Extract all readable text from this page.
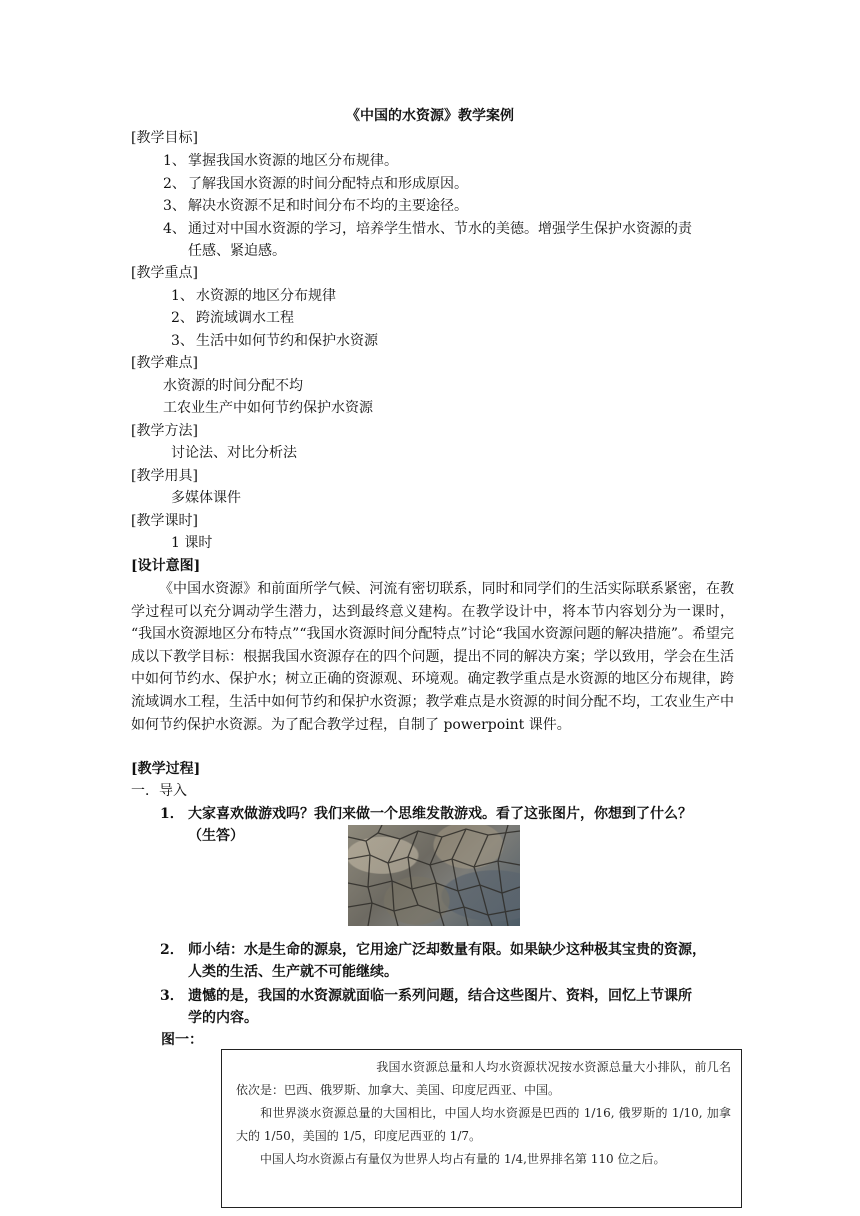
《中国的水资源》教学案例
[教学目标]
1、 掌握我国水资源的地区分布规律。
2、 了解我国水资源的时间分配特点和形成原因。
3、 解决水资源不足和时间分布不均的主要途径。
4、 通过对中国水资源的学习，培养学生惜水、节水的美德。增强学生保护水资源的责
任感、紧迫感。
[教学重点]
1、 水资源的地区分布规律
2、 跨流域调水工程
3、 生活中如何节约和保护水资源
[教学难点]
水资源的时间分配不均
工农业生产中如何节约保护水资源
[教学方法]
讨论法、对比分析法
[教学用具]
多媒体课件
[教学课时]
1 课时
[设计意图]
《中国水资源》和前面所学气候、河流有密切联系，同时和同学们的生活实际联系紧密，在教学过程可以充分调动学生潜力，达到最终意义建构。在教学设计中，将本节内容划分为一课时， “我国水资源地区分布特点”“我国水资源时间分配特点”讨论“我国水资源问题的解决措施”。希望完成以下教学目标：根据我国水资源存在的四个问题，提出不同的解决方案；学以致用，学会在生活中如何节约水、保护水；树立正确的资源观、环境观。确定教学重点是水资源的地区分布规律，跨流域调水工程，生活中如何节约和保护水资源；教学难点是水资源的时间分配不均，工农业生产中如何节约保护水资源。为了配合教学过程，自制了 powerpoint 课件。
[教学过程]
一．导入
1． 大家喜欢做游戏吗？我们来做一个思维发散游戏。看了这张图片，你想到了什么？
（生答）
2． 师小结：水是生命的源泉，它用途广泛却数量有限。如果缺少这种极其宝贵的资源，
人类的生活、生产就不可能继续。
3． 遗憾的是，我国的水资源就面临一系列问题，结合这些图片、资料，回忆上节课所
学的内容。
图一：
我国水资源总量和人均水资源状况按水资源总量大小排队，前几名依次是：巴西、俄罗斯、加拿大、美国、印度尼西亚、中国。
和世界淡水资源总量的大国相比，中国人均水资源是巴西的 1/16, 俄罗斯的 1/10, 加拿大的 1/50，美国的 1/5，印度尼西亚的 1/7。
中国人均水资源占有量仅为世界人均占有量的 1/4,世界排名第 110 位之后。
